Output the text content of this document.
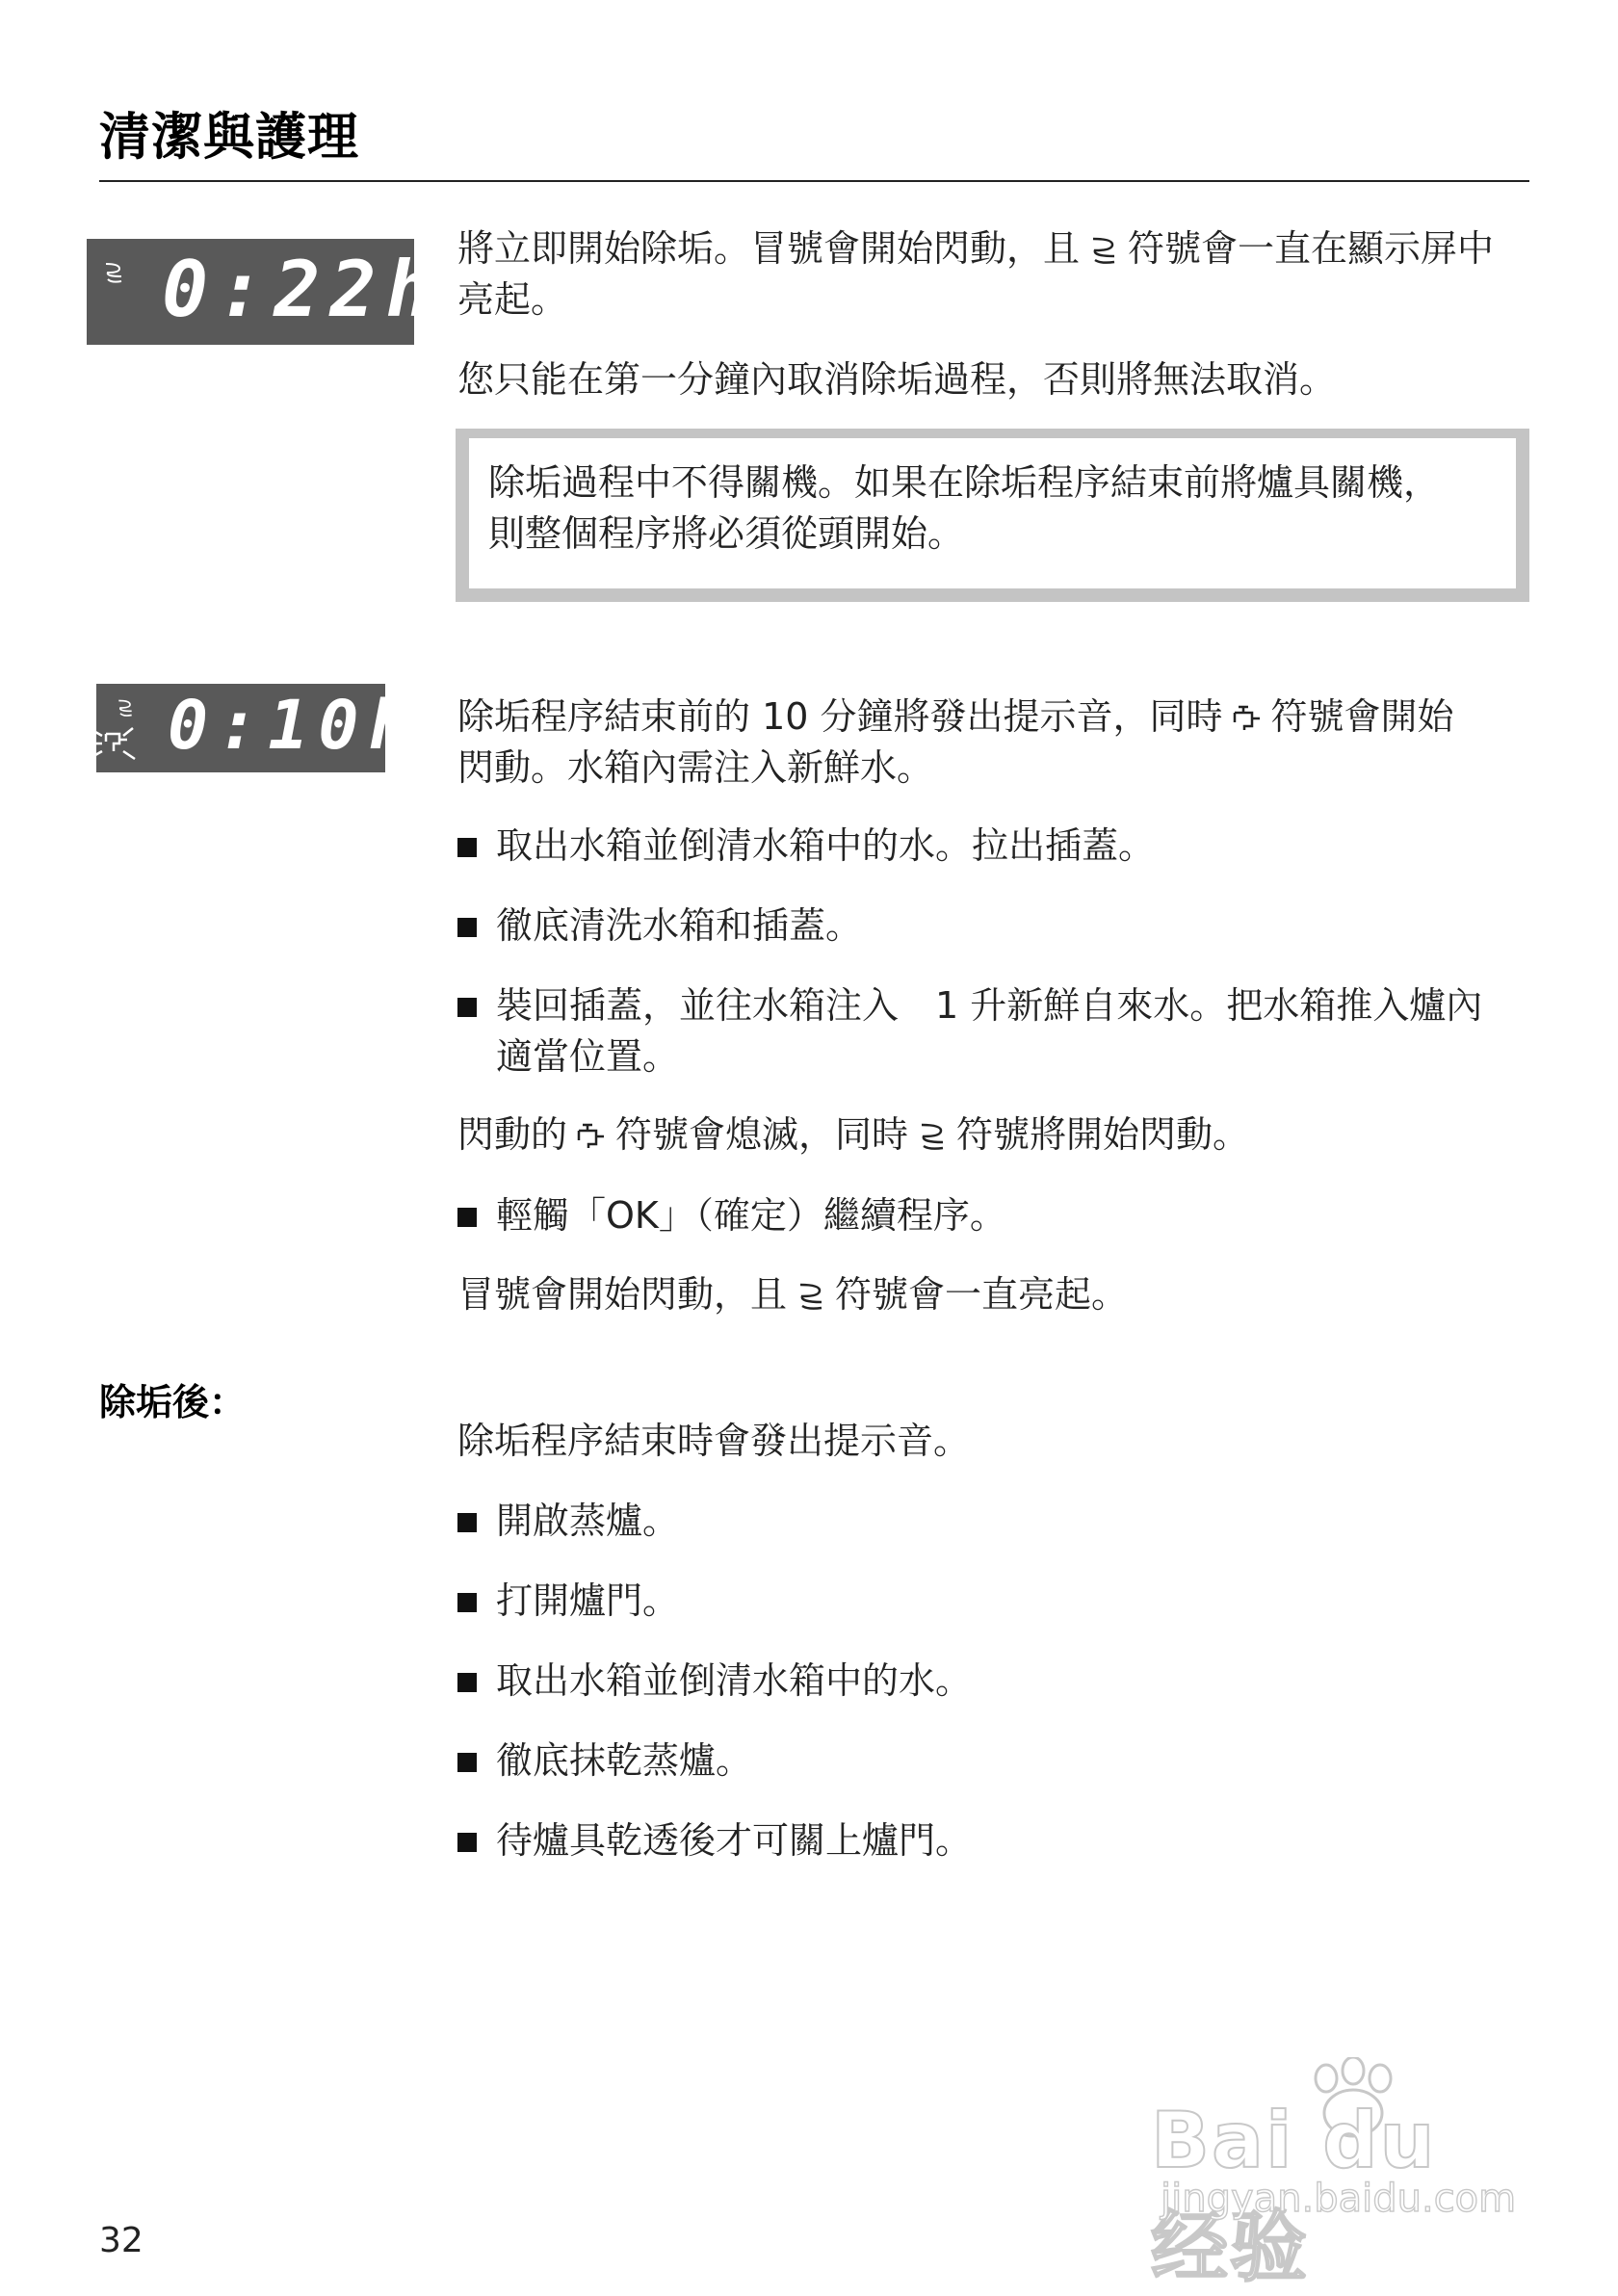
清潔與護理
0:22h 將立即開始除垢。冒號會開始閃動，且 符號會一直在顯示屏中亮起。
您只能在第一分鐘內取消除垢過程，否則將無法取消。
除垢過程中不得關機。如果在除垢程序結束前將爐具關機，
則整個程序將必須從頭開始。
0:10h 除垢程序結束前的 10 分鐘將發出提示音，同時 符號會開始
閃動。水箱內需注入新鮮水。
取出水箱並倒清水箱中的水。拉出插蓋。
徹底清洗水箱和插蓋。
裝回插蓋，並往水箱注入　1 升新鮮自來水。把水箱推入爐內
適當位置。
閃動的 符號會熄滅，同時 符號將開始閃動。
輕觸「OK」（確定）繼續程序。
冒號會開始閃動，且 符號會一直亮起。
除垢後：
除垢程序結束時會發出提示音。
開啟蒸爐。
打開爐門。
取出水箱並倒清水箱中的水。
徹底抹乾蒸爐。
待爐具乾透後才可關上爐門。
32
Bai du 经验
jingyan.baidu.com
